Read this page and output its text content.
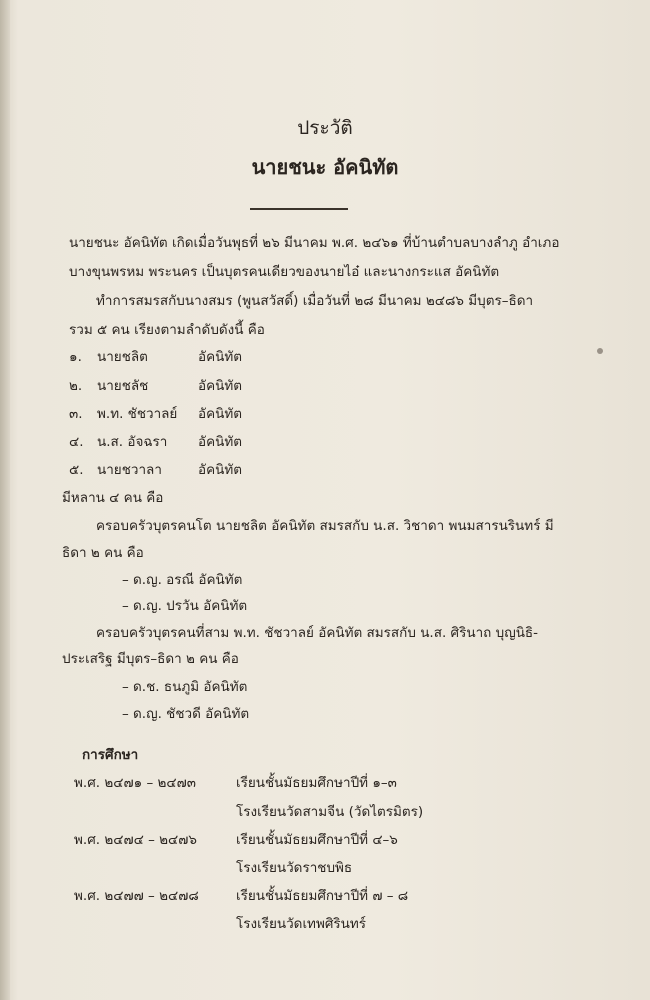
ประวัติ
นายชนะ อัคนิทัต
นายชนะ อัคนิทัต เกิดเมื่อวันพุธที่ ๒๖ มีนาคม พ.ศ. ๒๔๖๑ ที่บ้านตำบลบางลำภู อำเภอ
บางขุนพรหม พระนคร เป็นบุตรคนเดียวของนายไอ๋ และนางกระแส อัคนิทัต
ทำการสมรสกับนางสมร (พูนสวัสดิ์) เมื่อวันที่ ๒๘ มีนาคม ๒๔๘๖ มีบุตร–ธิดา
รวม ๕ คน เรียงตามลำดับดังนี้ คือ
๑. นายชลิต	อัคนิทัต
๒. นายชลัช	อัคนิทัต
๓. พ.ท. ชัชวาลย์ อัคนิทัต
๔. น.ส. อัจฉรา อัคนิทัต
๕. นายชวาลา	อัคนิทัต
มีหลาน ๔ คน คือ
ครอบครัวบุตรคนโต นายชลิต อัคนิทัต สมรสกับ น.ส. วิชาดา พนมสารนรินทร์ มี
ธิดา ๒ คน คือ
– ด.ญ. อรณี อัคนิทัต
– ด.ญ. ปรวัน อัคนิทัต
ครอบครัวบุตรคนที่สาม พ.ท. ชัชวาลย์ อัคนิทัต สมรสกับ น.ส. ศิรินาถ บุญนิธิ-
ประเสริฐ มีบุตร–ธิดา ๒ คน คือ
– ด.ช. ธนภูมิ อัคนิทัต
– ด.ญ. ชัชวดี อัคนิทัต
การศึกษา
พ.ศ. ๒๔๗๑ – ๒๔๗๓	เรียนชั้นมัธยมศึกษาปีที่ ๑–๓
โรงเรียนวัดสามจีน (วัดไตรมิตร)
พ.ศ. ๒๔๗๔ – ๒๔๗๖	เรียนชั้นมัธยมศึกษาปีที่ ๔–๖
โรงเรียนวัดราชบพิธ
พ.ศ. ๒๔๗๗ – ๒๔๗๘	เรียนชั้นมัธยมศึกษาปีที่ ๗ – ๘
โรงเรียนวัดเทพศิรินทร์
